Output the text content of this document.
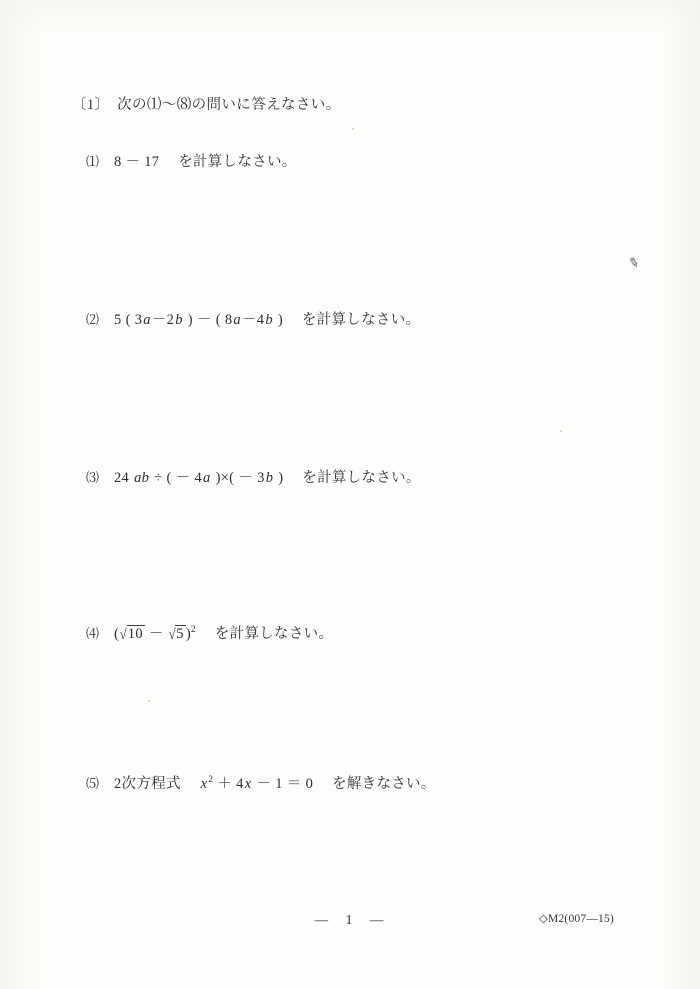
〔1〕　次の⑴～⑻の問いに答えなさい。
⑴	8 － 17 を計算しなさい。
⑵	5 ( 3a－2b ) － ( 8a－4b ) を計算しなさい。
⑶	24 ab ÷ ( － 4a )×( － 3b ) を計算しなさい。
⑷ (√10 － √5 )$^2$ を計算しなさい。
⑸	2次方程式 $x^2 + 4x - 1 = 0$ を解きなさい。
✎
―　1　―	◇M2(007—15)
